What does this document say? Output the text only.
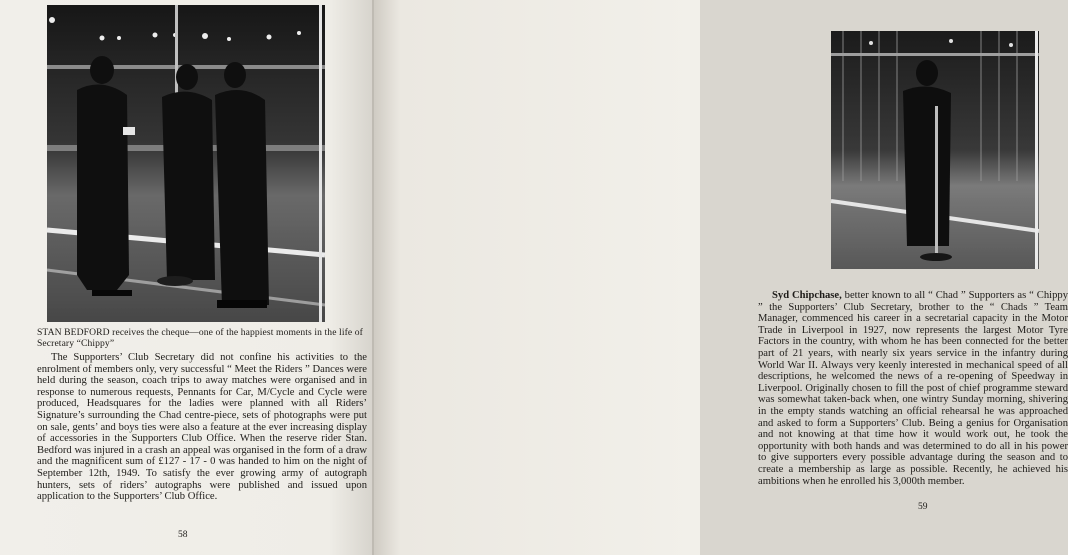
STAN BEDFORD receives the cheque—one of the happiest moments in the life of Secretary “Chippy”

The Supporters’ Club Secretary did not confine his activities to the enrolment of members only, very successful “ Meet the Riders ” Dances were held during the season, coach trips to away matches were organised and in response to numerous requests, Pennants for Car, M/Cycle and Cycle were produced, Headsquares for the ladies were planned with all Riders’ Signature’s surrounding the Chad centre-piece, sets of photographs were put on sale, gents’ and boys ties were also a feature at the ever increasing display of accessories in the Supporters Club Office. When the reserve rider Stan. Bedford was injured in a crash an appeal was organised in the form of a draw and the magnificent sum of £127 - 17 - 0 was handed to him on the night of September 12th, 1949. To satisfy the ever growing army of autograph hunters, sets of riders’ autographs were published and issued upon application to the Supporters’ Club Office.

58

Syd Chipchase, better known to all “ Chad ” Supporters as “ Chippy ” the Supporters’ Club Secretary, brother to the “ Chads ” Team Manager, commenced his career in a secretarial capacity in the Motor Trade in Liverpool in 1927, now represents the largest Motor Tyre Factors in the country, with whom he has been connected for the better part of 21 years, with nearly six years service in the infantry during World War II. Always very keenly interested in mechanical speed of all descriptions, he welcomed the news of a re-opening of Speedway in Liverpool. Originally chosen to fill the post of chief programme steward was somewhat taken-back when, one wintry Sunday morning, shivering in the empty stands watching an official rehearsal he was approached and asked to form a Supporters’ Club. Being a genius for Organisation and not knowing at that time how it would work out, he took the opportunity with both hands and was determined to do all in his power to give supporters every possible advantage during the season and to create a membership as large as possible. Recently, he achieved his ambitions when he enrolled his 3,000th member.

59
